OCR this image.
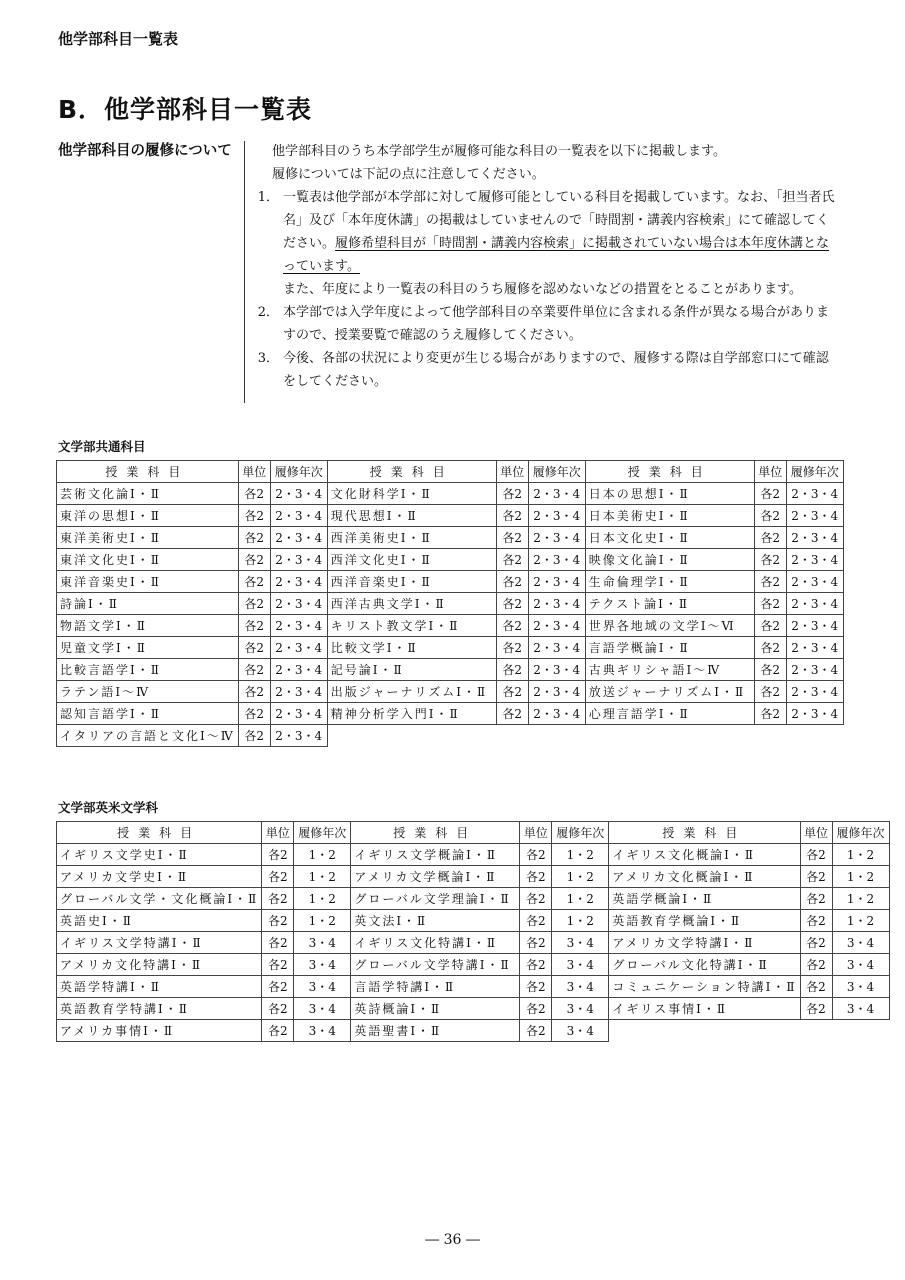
他学部科目一覧表
B．他学部科目一覧表
他学部科目の履修について	他学部科目のうち本学部学生が履修可能な科目の一覧表を以下に掲載します。

履修については下記の点に注意してください。

1． 一覧表は他学部が本学部に対して履修可能としている科目を掲載しています。なお、「担当者氏名」及び「本年度休講」の掲載はしていませんので「時間割・講義内容検索」にて確認してください。履修希望科目が「時間割・講義内容検索」に掲載されていない場合は本年度休講となっています。
また、年度により一覧表の科目のうち履修を認めないなどの措置をとることがあります。
2． 本学部では入学年度によって他学部科目の卒業要件単位に含まれる条件が異なる場合がありますので、授業要覧で確認のうえ履修してください。
3． 今後、各部の状況により変更が生じる場合がありますので、履修する際は自学部窓口にて確認をしてください。
文学部共通科目
授業科目	単位	履修年次	授業科目	単位	履修年次	授業科目	単位	履修年次
芸術文化論Ⅰ・Ⅱ	各2	2・3・4	文化財科学Ⅰ・Ⅱ	各2	2・3・4	日本の思想Ⅰ・Ⅱ	各2	2・3・4
東洋の思想Ⅰ・Ⅱ	各2	2・3・4	現代思想Ⅰ・Ⅱ	各2	2・3・4	日本美術史Ⅰ・Ⅱ	各2	2・3・4
東洋美術史Ⅰ・Ⅱ	各2	2・3・4	西洋美術史Ⅰ・Ⅱ	各2	2・3・4	日本文化史Ⅰ・Ⅱ	各2	2・3・4
東洋文化史Ⅰ・Ⅱ	各2	2・3・4	西洋文化史Ⅰ・Ⅱ	各2	2・3・4	映像文化論Ⅰ・Ⅱ	各2	2・3・4
東洋音楽史Ⅰ・Ⅱ	各2	2・3・4	西洋音楽史Ⅰ・Ⅱ	各2	2・3・4	生命倫理学Ⅰ・Ⅱ	各2	2・3・4
詩論Ⅰ・Ⅱ	各2	2・3・4	西洋古典文学Ⅰ・Ⅱ	各2	2・3・4	テクスト論Ⅰ・Ⅱ	各2	2・3・4
物語文学Ⅰ・Ⅱ	各2	2・3・4	キリスト教文学Ⅰ・Ⅱ	各2	2・3・4	世界各地域の文学Ⅰ〜Ⅵ	各2	2・3・4
児童文学Ⅰ・Ⅱ	各2	2・3・4	比較文学Ⅰ・Ⅱ	各2	2・3・4	言語学概論Ⅰ・Ⅱ	各2	2・3・4
比較言語学Ⅰ・Ⅱ	各2	2・3・4	記号論Ⅰ・Ⅱ	各2	2・3・4	古典ギリシャ語Ⅰ〜Ⅳ	各2	2・3・4
ラテン語Ⅰ〜Ⅳ	各2	2・3・4	出版ジャーナリズムⅠ・Ⅱ	各2	2・3・4	放送ジャーナリズムⅠ・Ⅱ	各2	2・3・4
認知言語学Ⅰ・Ⅱ	各2	2・3・4	精神分析学入門Ⅰ・Ⅱ	各2	2・3・4	心理言語学Ⅰ・Ⅱ	各2	2・3・4
イタリアの言語と文化Ⅰ〜Ⅳ	各2	2・3・4						
文学部英米文学科
授業科目	単位	履修年次	授業科目	単位	履修年次	授業科目	単位	履修年次
イギリス文学史Ⅰ・Ⅱ	各2	1・2	イギリス文学概論Ⅰ・Ⅱ	各2	1・2	イギリス文化概論Ⅰ・Ⅱ	各2	1・2
アメリカ文学史Ⅰ・Ⅱ	各2	1・2	アメリカ文学概論Ⅰ・Ⅱ	各2	1・2	アメリカ文化概論Ⅰ・Ⅱ	各2	1・2
グローバル文学・文化概論Ⅰ・Ⅱ	各2	1・2	グローバル文学理論Ⅰ・Ⅱ	各2	1・2	英語学概論Ⅰ・Ⅱ	各2	1・2
英語史Ⅰ・Ⅱ	各2	1・2	英文法Ⅰ・Ⅱ	各2	1・2	英語教育学概論Ⅰ・Ⅱ	各2	1・2
イギリス文学特講Ⅰ・Ⅱ	各2	3・4	イギリス文化特講Ⅰ・Ⅱ	各2	3・4	アメリカ文学特講Ⅰ・Ⅱ	各2	3・4
アメリカ文化特講Ⅰ・Ⅱ	各2	3・4	グローバル文学特講Ⅰ・Ⅱ	各2	3・4	グローバル文化特講Ⅰ・Ⅱ	各2	3・4
英語学特講Ⅰ・Ⅱ	各2	3・4	言語学特講Ⅰ・Ⅱ	各2	3・4	コミュニケーション特講Ⅰ・Ⅱ	各2	3・4
英語教育学特講Ⅰ・Ⅱ	各2	3・4	英詩概論Ⅰ・Ⅱ	各2	3・4	イギリス事情Ⅰ・Ⅱ	各2	3・4
アメリカ事情Ⅰ・Ⅱ	各2	3・4	英語聖書Ⅰ・Ⅱ	各2	3・4			
― 36 ―
